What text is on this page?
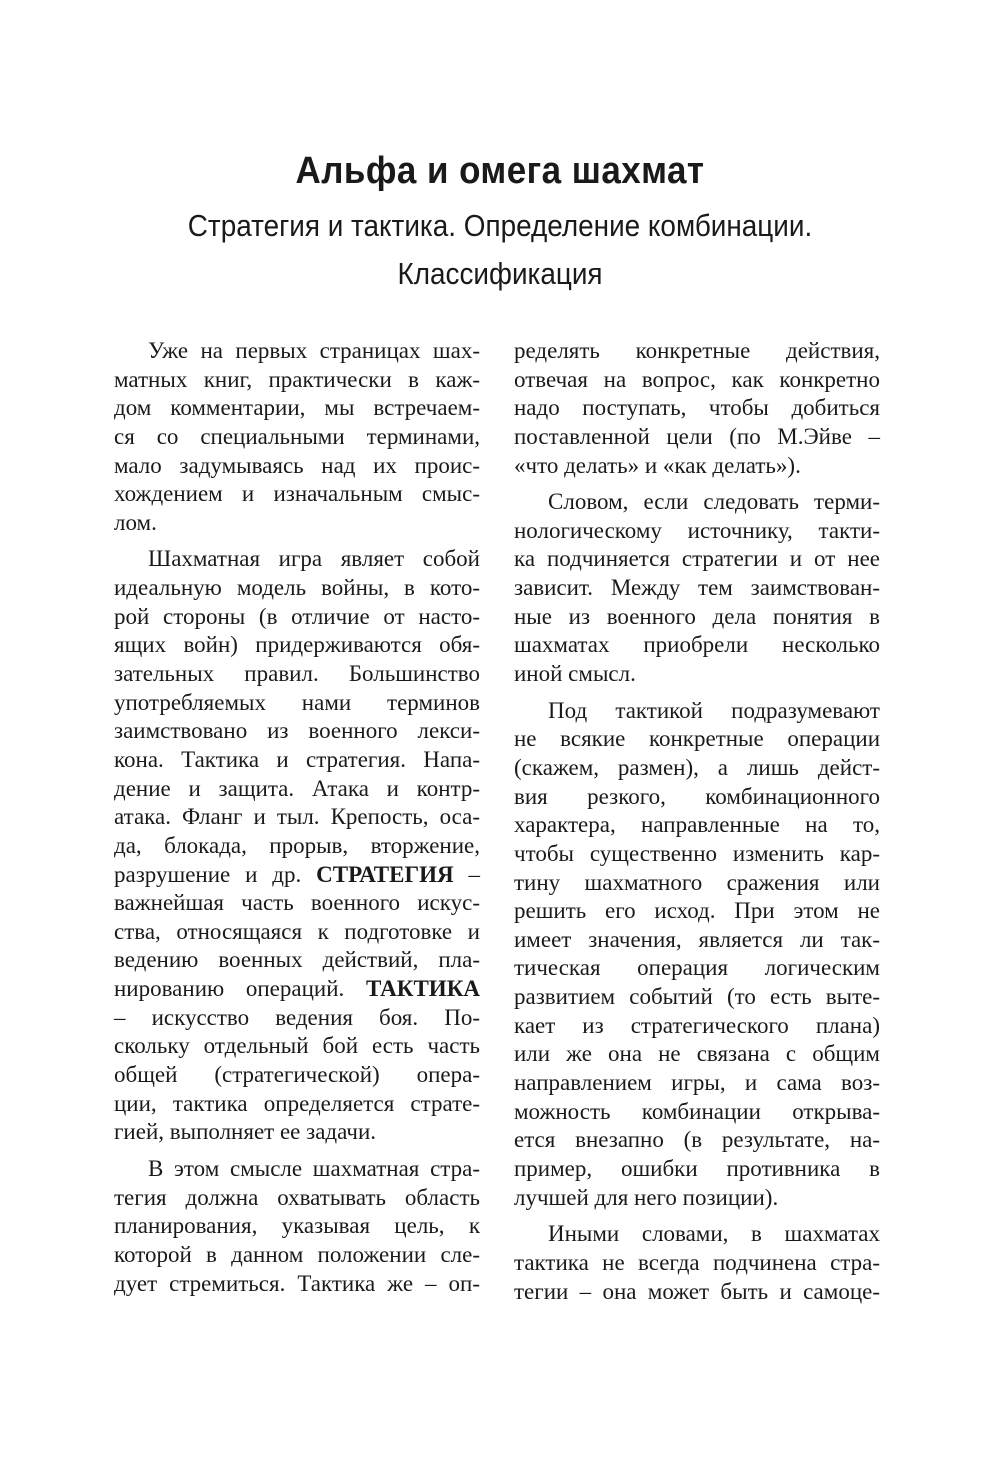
Альфа и омега шахмат
Стратегия и тактика. Определение комбинации.
Классификация
Уже на первых страницах шах-
матных книг, практически в каж-
дом комментарии, мы встречаем-
ся со специальными терминами,
мало задумываясь над их проис-
хождением и изначальным смыс-
лом.
Шахматная игра являет собой
идеальную модель войны, в кото-
рой стороны (в отличие от насто-
ящих войн) придерживаются обя-
зательных правил. Большинство
употребляемых нами терминов
заимствовано из военного лекси-
кона. Тактика и стратегия. Напа-
дение и защита. Атака и контр-
атака. Фланг и тыл. Крепость, оса-
да, блокада, прорыв, вторжение,
разрушение и др. СТРАТЕГИЯ –
важнейшая часть военного искус-
ства, относящаяся к подготовке и
ведению военных действий, пла-
нированию операций. ТАКТИКА
– искусство ведения боя. По-
скольку отдельный бой есть часть
общей (стратегической) опера-
ции, тактика определяется страте-
гией, выполняет ее задачи.
В этом смысле шахматная стра-
тегия должна охватывать область
планирования, указывая цель, к
которой в данном положении сле-
дует стремиться. Тактика же – оп-
ределять конкретные действия,
отвечая на вопрос, как конкретно
надо поступать, чтобы добиться
поставленной цели (по М.Эйве –
«что делать» и «как делать»).
Словом, если следовать терми-
нологическому источнику, такти-
ка подчиняется стратегии и от нее
зависит. Между тем заимствован-
ные из военного дела понятия в
шахматах приобрели несколько
иной смысл.
Под тактикой подразумевают
не всякие конкретные операции
(скажем, размен), а лишь дейст-
вия резкого, комбинационного
характера, направленные на то,
чтобы существенно изменить кар-
тину шахматного сражения или
решить его исход. При этом не
имеет значения, является ли так-
тическая операция логическим
развитием событий (то есть выте-
кает из стратегического плана)
или же она не связана с общим
направлением игры, и сама воз-
можность комбинации открыва-
ется внезапно (в результате, на-
пример, ошибки противника в
лучшей для него позиции).
Иными словами, в шахматах
тактика не всегда подчинена стра-
тегии – она может быть и самоце-
